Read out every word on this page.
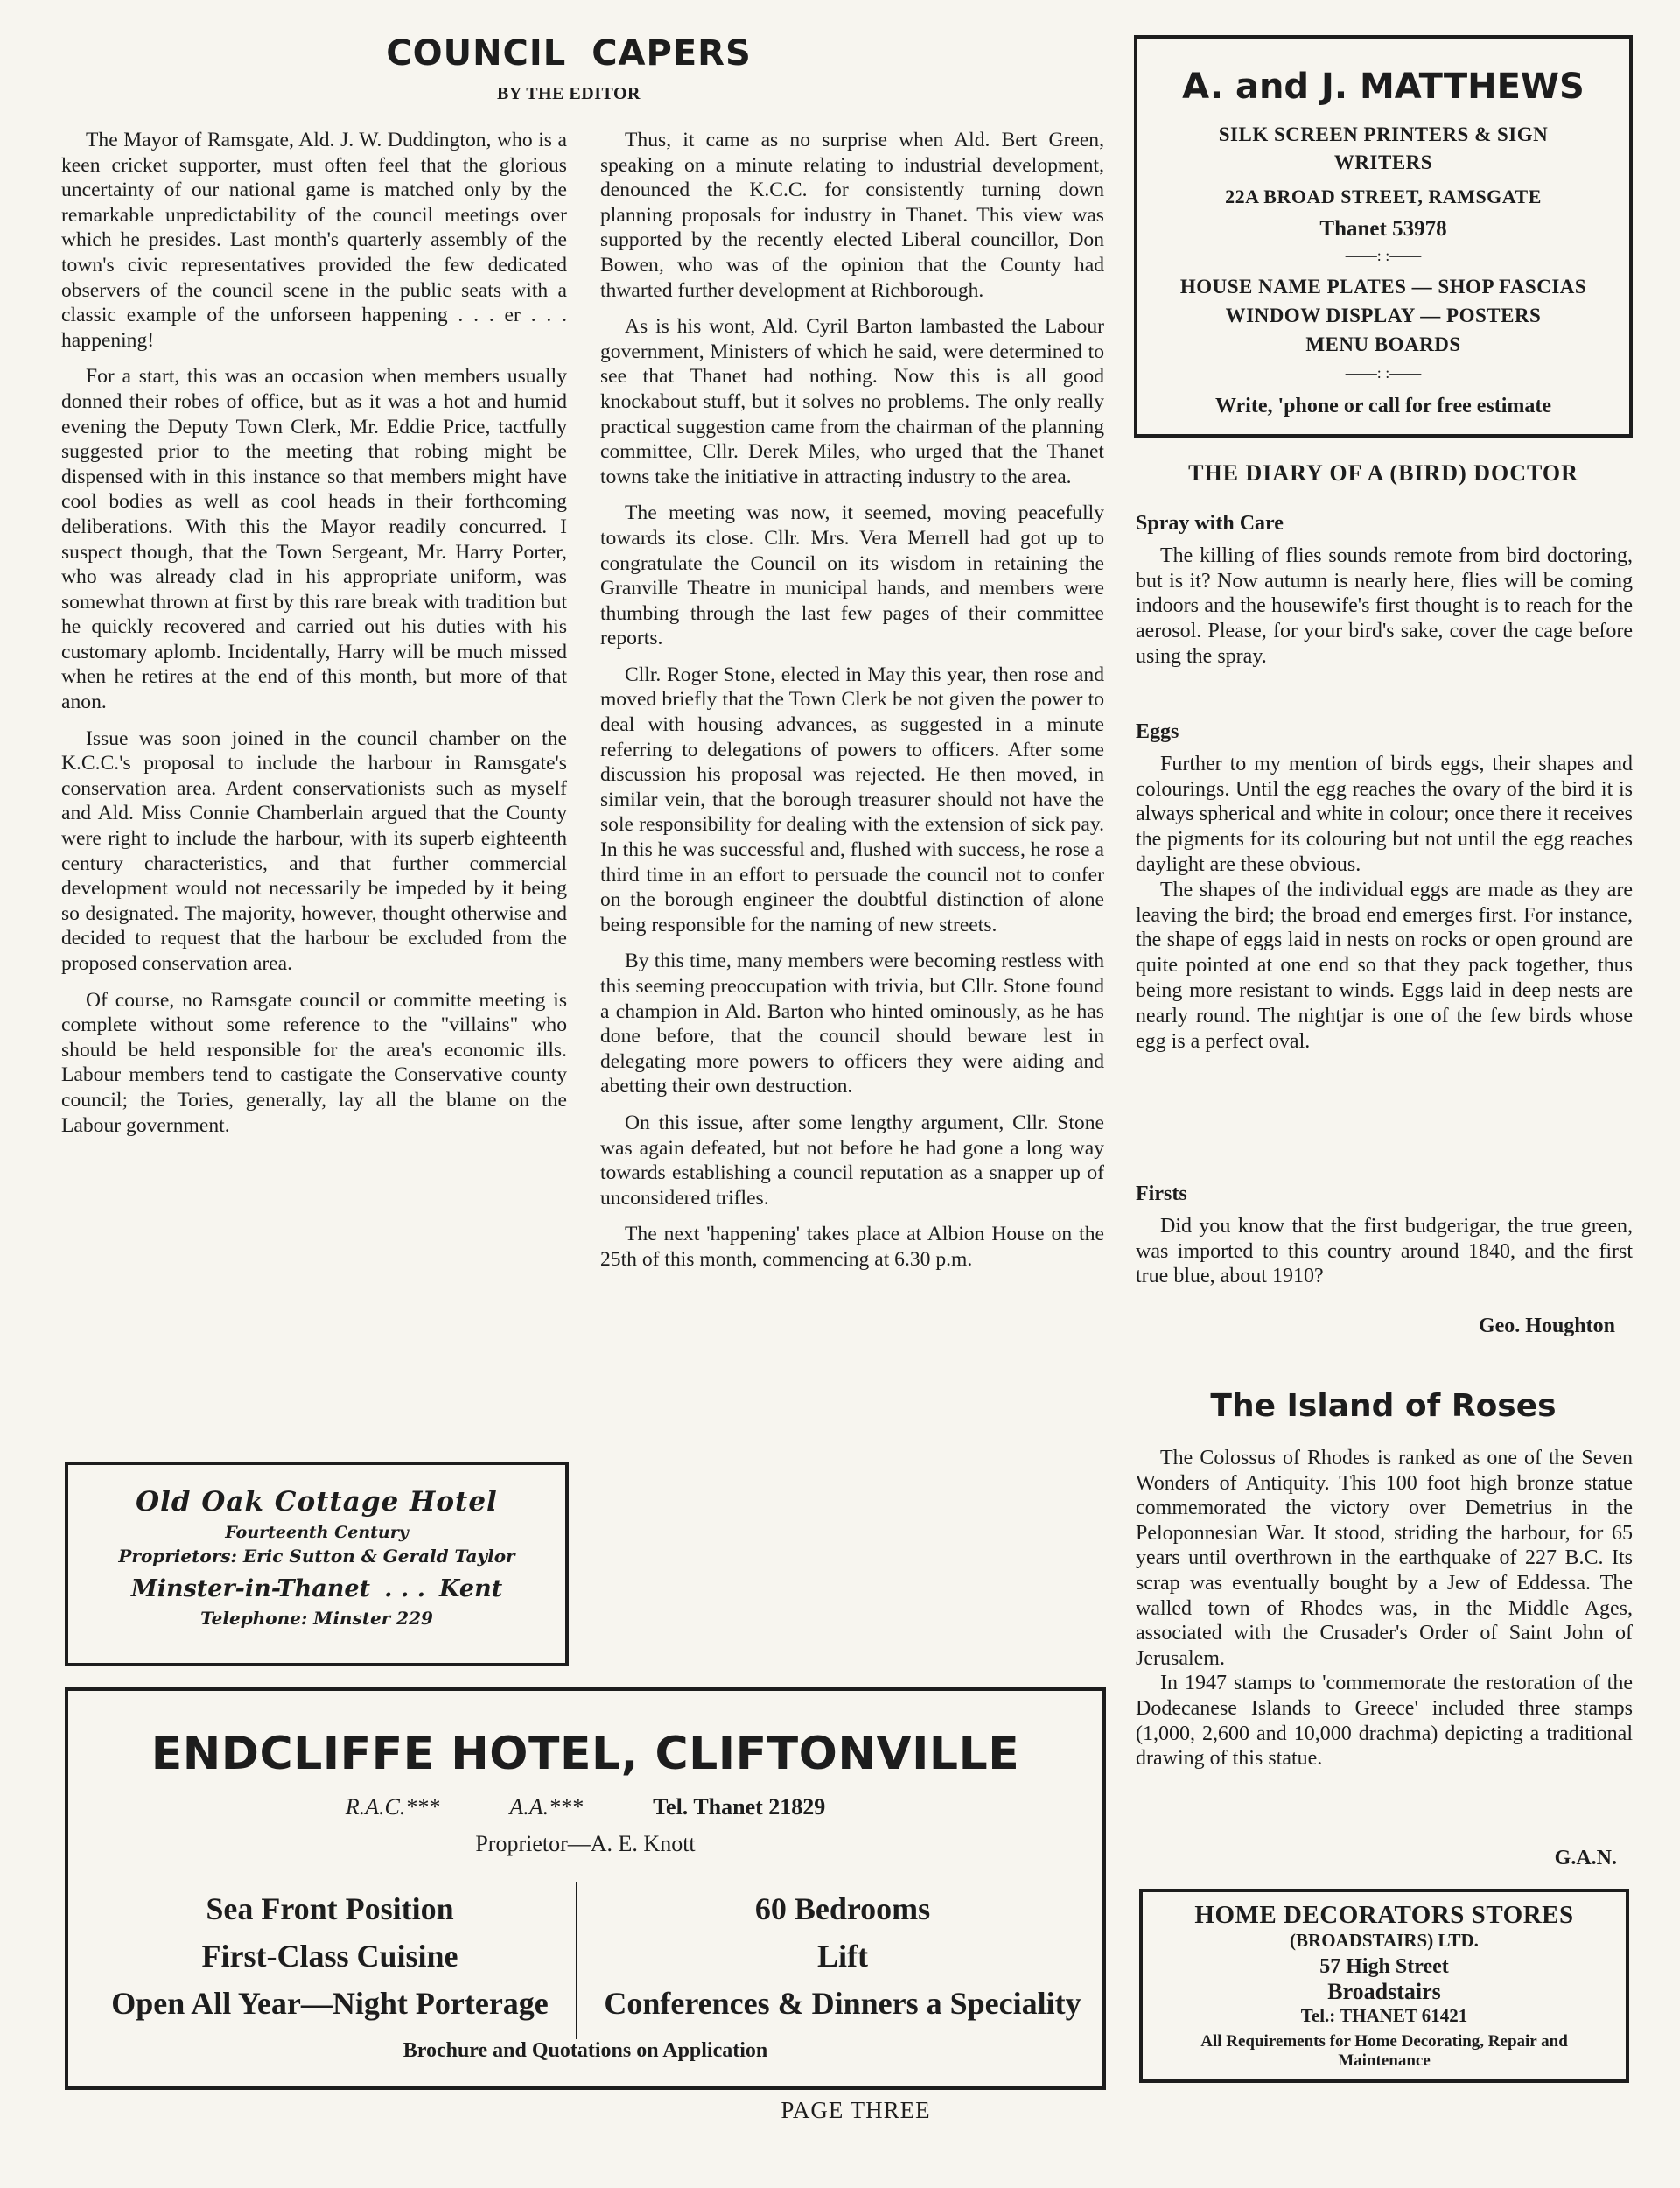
COUNCIL CAPERS
BY THE EDITOR

The Mayor of Ramsgate, Ald. J. W. Duddington, who is a keen cricket supporter, must often feel that the glorious uncertainty of our national game is matched only by the remarkable unpredictability of the council meetings over which he presides. Last month's quarterly assembly of the town's civic representatives provided the few dedicated observers of the council scene in the public seats with a classic example of the unforseen happening . . . er . . . happening!

For a start, this was an occasion when members usually donned their robes of office, but as it was a hot and humid evening the Deputy Town Clerk, Mr. Eddie Price, tactfully suggested prior to the meeting that robing might be dispensed with in this instance so that members might have cool bodies as well as cool heads in their forthcoming deliberations. With this the Mayor readily concurred. I suspect though, that the Town Sergeant, Mr. Harry Porter, who was already clad in his appropriate uniform, was somewhat thrown at first by this rare break with tradition but he quickly recovered and carried out his duties with his customary aplomb. Incidentally, Harry will be much missed when he retires at the end of this month, but more of that anon.

Issue was soon joined in the council chamber on the K.C.C.'s proposal to include the harbour in Ramsgate's conservation area. Ardent conservationists such as myself and Ald. Miss Connie Chamberlain argued that the County were right to include the harbour, with its superb eighteenth century characteristics, and that further commercial development would not necessarily be impeded by it being so designated. The majority, however, thought otherwise and decided to request that the harbour be excluded from the proposed conservation area.

Of course, no Ramsgate council or committe meeting is complete without some reference to the "villains" who should be held responsible for the area's economic ills. Labour members tend to castigate the Conservative county council; the Tories, generally, lay all the blame on the Labour government.

Thus, it came as no surprise when Ald. Bert Green, speaking on a minute relating to industrial development, denounced the K.C.C. for consistently turning down planning proposals for industry in Thanet. This view was supported by the recently elected Liberal councillor, Don Bowen, who was of the opinion that the County had thwarted further development at Richborough.

As is his wont, Ald. Cyril Barton lambasted the Labour government, Ministers of which he said, were determined to see that Thanet had nothing. Now this is all good knockabout stuff, but it solves no problems. The only really practical suggestion came from the chairman of the planning committee, Cllr. Derek Miles, who urged that the Thanet towns take the initiative in attracting industry to the area.

The meeting was now, it seemed, moving peacefully towards its close. Cllr. Mrs. Vera Merrell had got up to congratulate the Council on its wisdom in retaining the Granville Theatre in municipal hands, and members were thumbing through the last few pages of their committee reports.

Cllr. Roger Stone, elected in May this year, then rose and moved briefly that the Town Clerk be not given the power to deal with housing advances, as suggested in a minute referring to delegations of powers to officers. After some discussion his proposal was rejected. He then moved, in similar vein, that the borough treasurer should not have the sole responsibility for dealing with the extension of sick pay. In this he was successful and, flushed with success, he rose a third time in an effort to persuade the council not to confer on the borough engineer the doubtful distinction of alone being responsible for the naming of new streets.

By this time, many members were becoming restless with this seeming preoccupation with trivia, but Cllr. Stone found a champion in Ald. Barton who hinted ominously, as he has done before, that the council should beware lest in delegating more powers to officers they were aiding and abetting their own destruction.

On this issue, after some lengthy argument, Cllr. Stone was again defeated, but not before he had gone a long way towards establishing a council reputation as a snapper up of unconsidered trifles.

The next 'happening' takes place at Albion House on the 25th of this month, commencing at 6.30 p.m.

Old Oak Cottage Hotel
Fourteenth Century
Proprietors: Eric Sutton & Gerald Taylor
Minster-in-Thanet . . . Kent
Telephone: Minster 229
ENDCLIFFE HOTEL, CLIFTONVILLE
R.A.C.***	A.A.***	Tel. Thanet 21829
Proprietor—A. E. Knott
Sea Front Position
First-Class Cuisine
Open All Year—Night Porterage
60 Bedrooms
Lift
Conferences & Dinners a Speciality
Brochure and Quotations on Application
A. and J. MATTHEWS
SILK SCREEN PRINTERS & SIGN
WRITERS
22A BROAD STREET, RAMSGATE
Thanet 53978
——: :——
HOUSE NAME PLATES — SHOP FASCIAS
WINDOW DISPLAY — POSTERS
MENU BOARDS
——: :——
Write, 'phone or call for free estimate
THE DIARY OF A (BIRD) DOCTOR
Spray with Care

The killing of flies sounds remote from bird doctoring, but is it? Now autumn is nearly here, flies will be coming indoors and the housewife's first thought is to reach for the aerosol. Please, for your bird's sake, cover the cage before using the spray.

Eggs

Further to my mention of birds eggs, their shapes and colourings. Until the egg reaches the ovary of the bird it is always spherical and white in colour; once there it receives the pigments for its colouring but not until the egg reaches daylight are these obvious.

The shapes of the individual eggs are made as they are leaving the bird; the broad end emerges first. For instance, the shape of eggs laid in nests on rocks or open ground are quite pointed at one end so that they pack together, thus being more resistant to winds. Eggs laid in deep nests are nearly round. The nightjar is one of the few birds whose egg is a perfect oval.

Firsts

Did you know that the first budgerigar, the true green, was imported to this country around 1840, and the first true blue, about 1910?

Geo. Houghton
The Island of Roses

The Colossus of Rhodes is ranked as one of the Seven Wonders of Antiquity. This 100 foot high bronze statue commemorated the victory over Demetrius in the Peloponnesian War. It stood, striding the harbour, for 65 years until overthrown in the earthquake of 227 B.C. Its scrap was eventually bought by a Jew of Eddessa. The walled town of Rhodes was, in the Middle Ages, associated with the Crusader's Order of Saint John of Jerusalem.

In 1947 stamps to 'commemorate the restoration of the Dodecanese Islands to Greece' included three stamps (1,000, 2,600 and 10,000 drachma) depicting a traditional drawing of this statue.

G.A.N.
HOME DECORATORS STORES
(BROADSTAIRS) LTD.
57 High Street
Broadstairs
Tel.: THANET 61421
All Requirements for Home Decorating, Repair and Maintenance
PAGE THREE
